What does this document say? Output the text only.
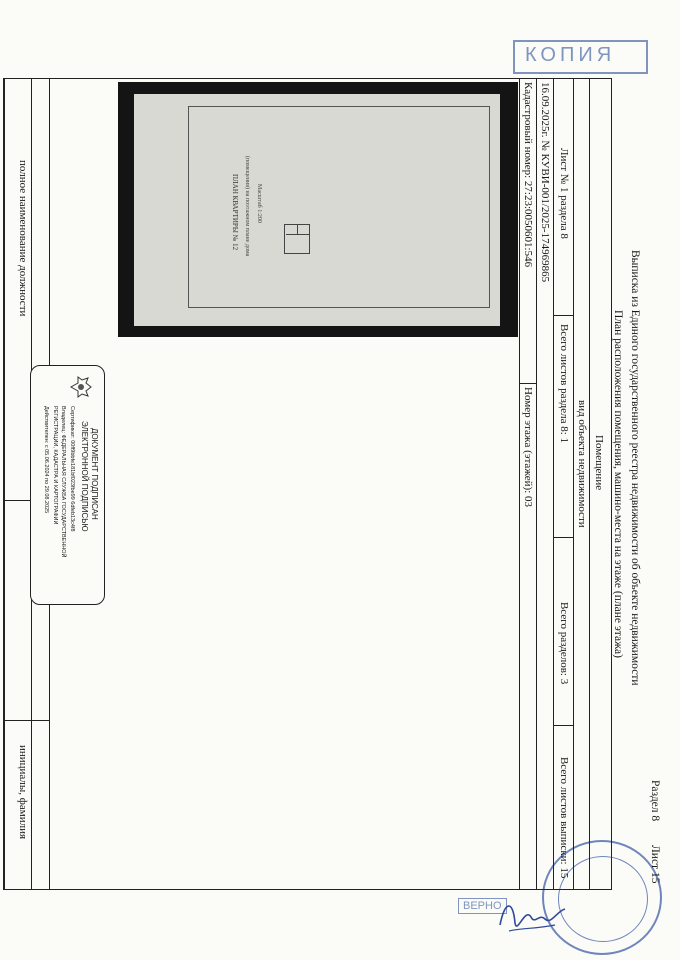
КОПИЯ
ВЕРНО
Раздел 8
Лист 15
Выписка из Единого государственного реестра недвижимости об объекте недвижимости
План расположения помещения, машино-места на этаже (плане этажа)
Помещение
вид объекта недвижимости
Лист № 1 раздела 8
Всего листов раздела 8: 1
Всего разделов: 3
Всего листов выписки: 15
16.09.2025г. № КУВИ-001/2025-174969865
Кадастровый номер: 27:23:0050601:546
Номер этажа (этажей): 03
ПЛАН КВАРТИРЫ № 12 (помещения) на поэтажном плане дома Масштаб 1:200
полное наименование должности
инициалы, фамилия
ДОКУМЕНТ ПОДПИСАН
ЭЛЕКТРОННОЙ ПОДПИСЬЮ
Сертификат: 00ff9bbfe181bf023fbe99 6dfeb13c4f8
Владелец: ФЕДЕРАЛЬНАЯ СЛУЖБА ГОСУДАРСТВЕННОЙ
РЕГИСТРАЦИИ, КАДАСТРА И КАРТОГРАФИИ
Действителен: с 05.06.2024 по 29.08.2025
